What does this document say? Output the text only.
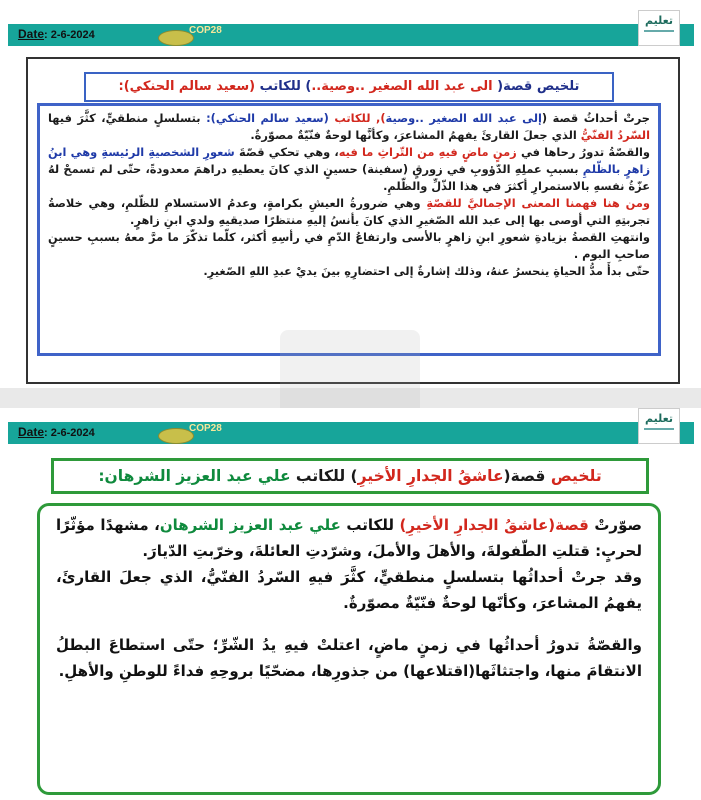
Date: 2-6-2024	COP28
تعليم
تلخيص قصة( الى عبد الله الصغير ..وصية..) للكاتب (سعيد سالم الحنكي):
جرتْ أحداثُ قصة (إلى عبد الله الصغير ..وصية), للكاتب (سعيد سالم الحنكي): بتسلسلٍ منطقيٍّ، كثَّرَ فيها السّردُ الفنّيُّ الذي جعلَ القارئَ يفهمُ المشاعرَ، وكأنَّها لوحةٌ فنّيّةٌ مصوّرةٌ.
والقصّةُ تدورُ رحاها في زمنٍ ماضٍ فيهِ من التّراثِ ما فيه، وهي تحكي قصّةَ شعورِ الشخصيةِ الرئيسةِ وهي ابنُ زاهرٍ بالظّلمِ بسببِ عملِهِ الدّؤوبِ في زورقٍ (سفينة) حسينٍ الذي كانَ يعطيهِ دراهمَ معدودةً، حتّى لم تسمحْ لهُ عزّةُ نفسهِ بالاستمرارِ أكثرَ في هذا الذّلِّ والظّلمِ.
ومن هنا فهمنا المعنى الإجماليَّ للقصّةِ وهي ضرورةُ العيشِ بكرامةٍ، وعدمُ الاستسلامِ للظّلمِ، وهي خلاصةُ تجربتِهِ التي أوصى بها إلى عبد الله الصّغيرِ الذي كانَ يأنسُ إليهِ منتظرًا صديقيهِ ولدي ابنِ زاهرٍ.
وانتهتِ القصةُ بزيادةِ شعورِ ابنِ زاهرٍ بالأسى وارتفاعُ الدّمِ في رأسِهِ أكثر، كلّما تذكّرَ ما مرَّ معهُ بسببِ حسينٍ صاحبِ البوم .
حتّى بدأَ مدُّ الحياةِ ينحسرُ عنهُ، وذلك إشارةٌ إلى احتضارِهِ بينَ يديْ عبدِ اللهِ الصّغيرِ.
Date: 2-6-2024	COP28
تعليم
تلخيص قصة(عاشقُ الجدارِ الأخيرِ) للكاتب علي عبد العزيز الشرهان:

صوّرتْ قصة(عاشقُ الجدارِ الأخيرِ) للكاتب علي عبد العزيز الشرهان، مشهدًا مؤثّرًا لحربٍ: قتلتِ الطّفولةَ، والأهلَ والأملَ، وشرّدتِ العائلةَ، وخرّبتِ الدّيارَ.

وقد جرتْ أحداثُها بتسلسلٍ منطقيٍّ، كثَّرَ فيهِ السّردُ الفنّيُّ، الذي جعلَ القارئَ، يفهمُ المشاعرَ، وكأنّها لوحةٌ فنّيّةٌ مصوّرةٌ.

والقصّةُ تدورُ أحداثُها في زمنٍ ماضٍ، اعتلتْ فيهِ يدُ الشّرِّ؛ حتّى استطاعَ البطلُ الانتقامَ منها، واجتثاثَها(اقتلاعها) من جذورِها، مضحّيًا بروحِهِ فداءً للوطنِ والأهلِ.
